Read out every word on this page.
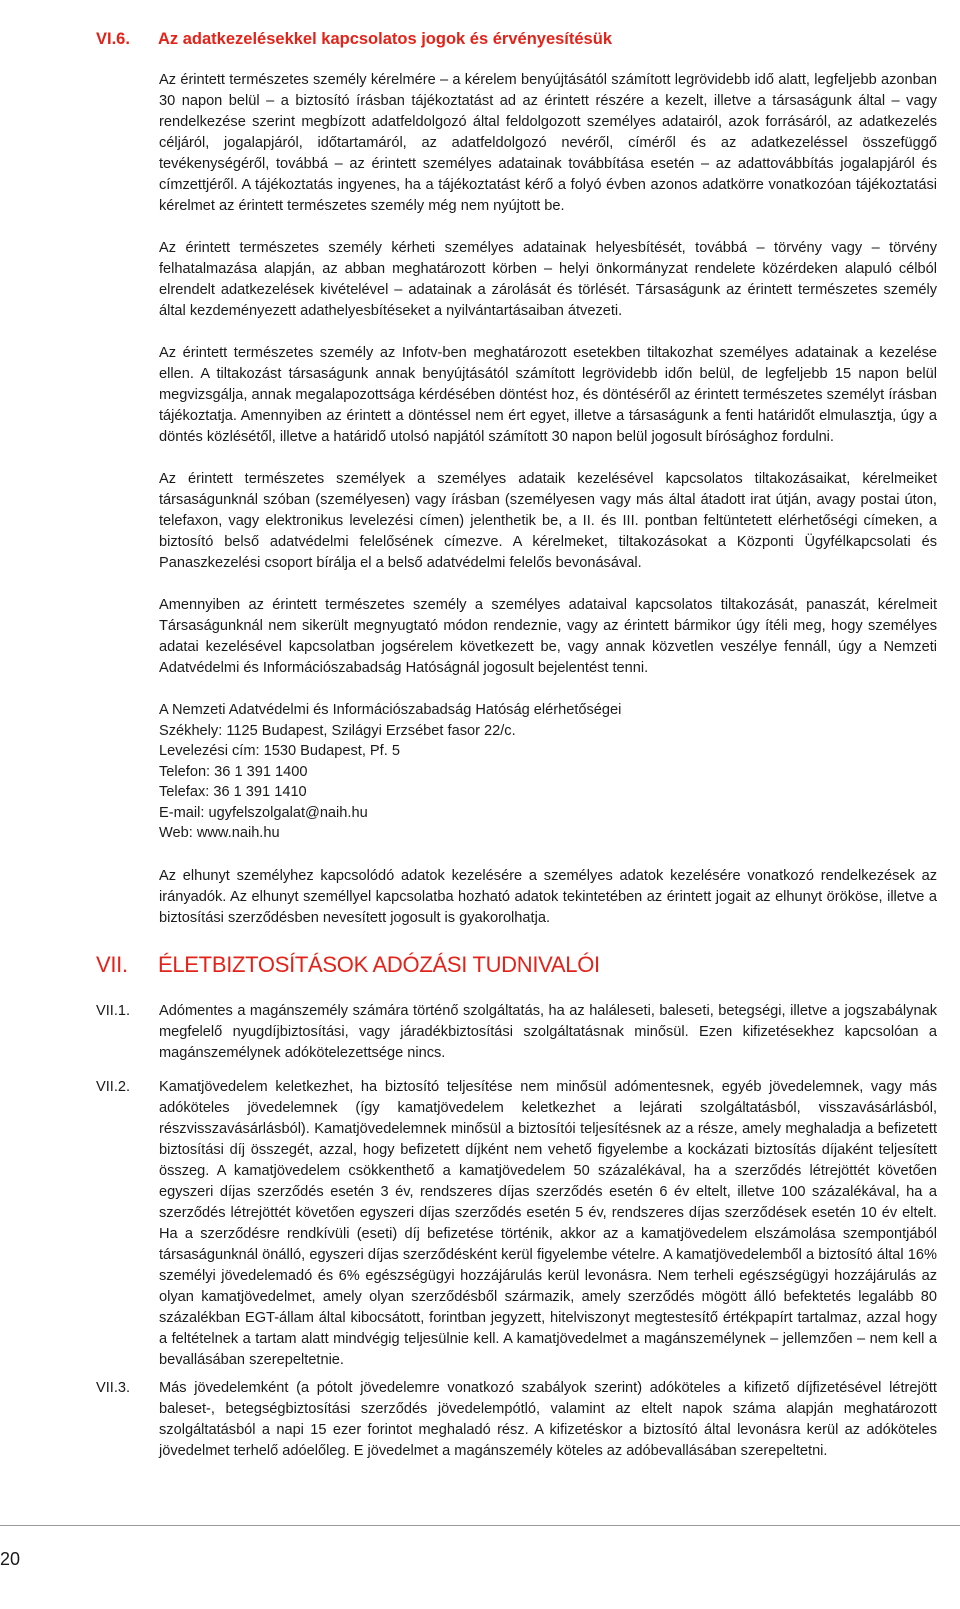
VI.6. Az adatkezelésekkel kapcsolatos jogok és érvényesítésük

Az érintett természetes személy kérelmére – a kérelem benyújtásától számított legrövidebb idő alatt, legfeljebb azonban 30 napon belül – a biztosító írásban tájékoztatást ad az érintett részére a kezelt, illetve a társaságunk által – vagy rendelkezése szerint megbízott adatfeldolgozó által feldolgozott személyes adatairól, azok forrásáról, az adatkezelés céljáról, jogalapjáról, időtartamáról, az adatfeldolgozó nevéről, címéről és az adatkezeléssel összefüggő tevékenységéről, továbbá – az érintett személyes adatainak továbbítása esetén – az adattovábbítás jogalapjáról és címzettjéről. A tájékoztatás ingyenes, ha a tájékoztatást kérő a folyó évben azonos adatkörre vonatkozóan tájékoztatási kérelmet az érintett természetes személy még nem nyújtott be.

Az érintett természetes személy kérheti személyes adatainak helyesbítését, továbbá – törvény vagy – törvény felhatalmazása alapján, az abban meghatározott körben – helyi önkormányzat rendelete közérdeken alapuló célból elrendelt adatkezelések kivételével – adatainak a zárolását és törlését. Társaságunk az érintett természetes személy által kezdeményezett adathelyesbítéseket a nyilvántartásaiban átvezeti.

Az érintett természetes személy az Infotv-ben meghatározott esetekben tiltakozhat személyes adatainak a kezelése ellen. A tiltakozást társaságunk annak benyújtásától számított legrövidebb időn belül, de legfeljebb 15 napon belül megvizsgálja, annak megalapozottsága kérdésében döntést hoz, és döntéséről az érintett természetes személyt írásban tájékoztatja. Amennyiben az érintett a döntéssel nem ért egyet, illetve a társaságunk a fenti határidőt elmulasztja, úgy a döntés közlésétől, illetve a határidő utolsó napjától számított 30 napon belül jogosult bírósághoz fordulni.

Az érintett természetes személyek a személyes adataik kezelésével kapcsolatos tiltakozásaikat, kérelmeiket társaságunknál szóban (személyesen) vagy írásban (személyesen vagy más által átadott irat útján, avagy postai úton, telefaxon, vagy elektronikus levelezési címen) jelenthetik be, a II. és III. pontban feltüntetett elérhetőségi címeken, a biztosító belső adatvédelmi felelősének címezve. A kérelmeket, tiltakozásokat a Központi Ügyfélkapcsolati és Panaszkezelési csoport bírálja el a belső adatvédelmi felelős bevonásával.

Amennyiben az érintett természetes személy a személyes adataival kapcsolatos tiltakozását, panaszát, kérelmeit Társaságunknál nem sikerült megnyugtató módon rendeznie, vagy az érintett bármikor úgy ítéli meg, hogy személyes adatai kezelésével kapcsolatban jogsérelem következett be, vagy annak közvetlen veszélye fennáll, úgy a Nemzeti Adatvédelmi és Információszabadság Hatóságnál jogosult bejelentést tenni.

A Nemzeti Adatvédelmi és Információszabadság Hatóság elérhetőségei
Székhely: 1125 Budapest, Szilágyi Erzsébet fasor 22/c.
Levelezési cím: 1530 Budapest, Pf. 5
Telefon: 36 1 391 1400
Telefax: 36 1 391 1410
E-mail: ugyfelszolgalat@naih.hu
Web: www.naih.hu

Az elhunyt személyhez kapcsolódó adatok kezelésére a személyes adatok kezelésére vonatkozó rendelkezések az irányadók. Az elhunyt személlyel kapcsolatba hozható adatok tekintetében az érintett jogait az elhunyt örököse, illetve a biztosítási szerződésben nevesített jogosult is gyakorolhatja.

VII. ÉLETBIZTOSÍTÁSOK ADÓZÁSI TUDNIVALÓI
VII.1.	Adómentes a magánszemély számára történő szolgáltatás, ha az haláleseti, baleseti, betegségi, illetve a jogszabálynak megfelelő nyugdíjbiztosítási, vagy járadékbiztosítási szolgáltatásnak minősül. Ezen kifizetésekhez kapcsolóan a magánszemélynek adókötelezettsége nincs.

VII.2.	Kamatjövedelem keletkezhet, ha biztosító teljesítése nem minősül adómentesnek, egyéb jövedelemnek, vagy más adóköteles jövedelemnek (így kamatjövedelem keletkezhet a lejárati szolgáltatásból, visszavásárlásból, részvisszavásárlásból). Kamatjövedelemnek minősül a biztosítói teljesítésnek az a része, amely meghaladja a befizetett biztosítási díj összegét, azzal, hogy befizetett díjként nem vehető figyelembe a kockázati biztosítás díjaként teljesített összeg. A kamatjövedelem csökkenthető a kamatjövedelem 50 százalékával, ha a szerződés létrejöttét követően egyszeri díjas szerződés esetén 3 év, rendszeres díjas szerződés esetén 6 év eltelt, illetve 100 százalékával, ha a szerződés létrejöttét követően egyszeri díjas szerződés esetén 5 év, rendszeres díjas szerződések esetén 10 év eltelt. Ha a szerződésre rendkívüli (eseti) díj befizetése történik, akkor az a kamatjövedelem elszámolása szempontjából társaságunknál önálló, egyszeri díjas szerződésként kerül figyelembe vételre. A kamatjövedelemből a biztosító által 16% személyi jövedelemadó és 6% egészségügyi hozzájárulás kerül levonásra. Nem terheli egészségügyi hozzájárulás az olyan kamatjövedelmet, amely olyan szerződésből származik, amely szerződés mögött álló befektetés legalább 80 százalékban EGT-állam által kibocsátott, forintban jegyzett, hitelviszonyt megtestesítő értékpapírt tartalmaz, azzal hogy a feltételnek a tartam alatt mindvégig teljesülnie kell. A kamatjövedelmet a magánszemélynek – jellemzően – nem kell a bevallásában szerepeltetnie.

VII.3.	Más jövedelemként (a pótolt jövedelemre vonatkozó szabályok szerint) adóköteles a kifizető díjfizetésével létrejött baleset-, betegségbiztosítási szerződés jövedelempótló, valamint az eltelt napok száma alapján meghatározott szolgáltatásból a napi 15 ezer forintot meghaladó rész. A kifizetéskor a biztosító által levonásra kerül az adóköteles jövedelmet terhelő adóelőleg. E jövedelmet a magánszemély köteles az adóbevallásában szerepeltetni.

20
